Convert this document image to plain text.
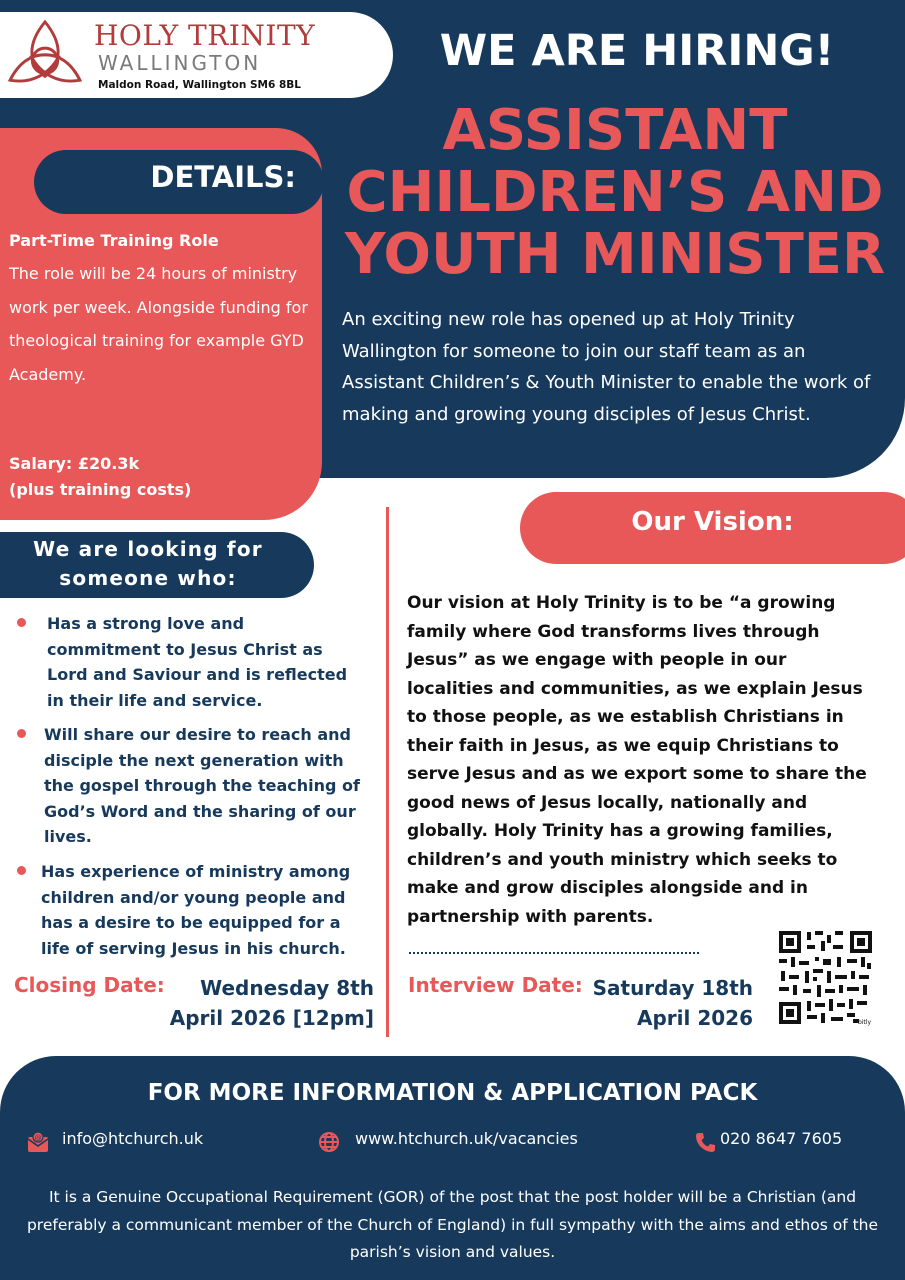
HOLY TRINITY
WALLINGTON
Maldon Road, Wallington SM6 8BL
WE ARE HIRING!
ASSISTANT
CHILDREN’S AND
YOUTH MINISTER
An exciting new role has opened up at Holy Trinity Wallington for someone to join our staff team as an Assistant Children’s & Youth Minister to enable the work of making and growing young disciples of Jesus Christ.
DETAILS:
Part-Time Training Role
The role will be 24 hours of ministry work per week. Alongside funding for theological training for example GYD Academy.
Salary: £20.3k
(plus training costs)
We are looking for
someone who:
Has a strong love and commitment to Jesus Christ as Lord and Saviour and is reflected in their life and service.
Will share our desire to reach and disciple the next generation with the gospel through the teaching of God’s Word and the sharing of our lives.
Has experience of ministry among children and/or young people and has a desire to be equipped for a life of serving Jesus in his church.
Our Vision:
Our vision at Holy Trinity is to be “a growing family where God transforms lives through Jesus” as we engage with people in our localities and communities, as we explain Jesus to those people, as we establish Christians in their faith in Jesus, as we equip Christians to serve Jesus and as we export some to share the good news of Jesus locally, nationally and globally. Holy Trinity has a growing families, children’s and youth ministry which seeks to make and grow disciples alongside and in partnership with parents.
Closing Date:	Wednesday 8th
April 2026 [12pm]
Interview Date: Saturday 18th
April 2026	bitly
FOR MORE INFORMATION & APPLICATION PACK
@ info@htchurch.uk	www.htchurch.uk/vacancies	020 8647 7605
It is a Genuine Occupational Requirement (GOR) of the post that the post holder will be a Christian (and preferably a communicant member of the Church of England) in full sympathy with the aims and ethos of the parish’s vision and values.
